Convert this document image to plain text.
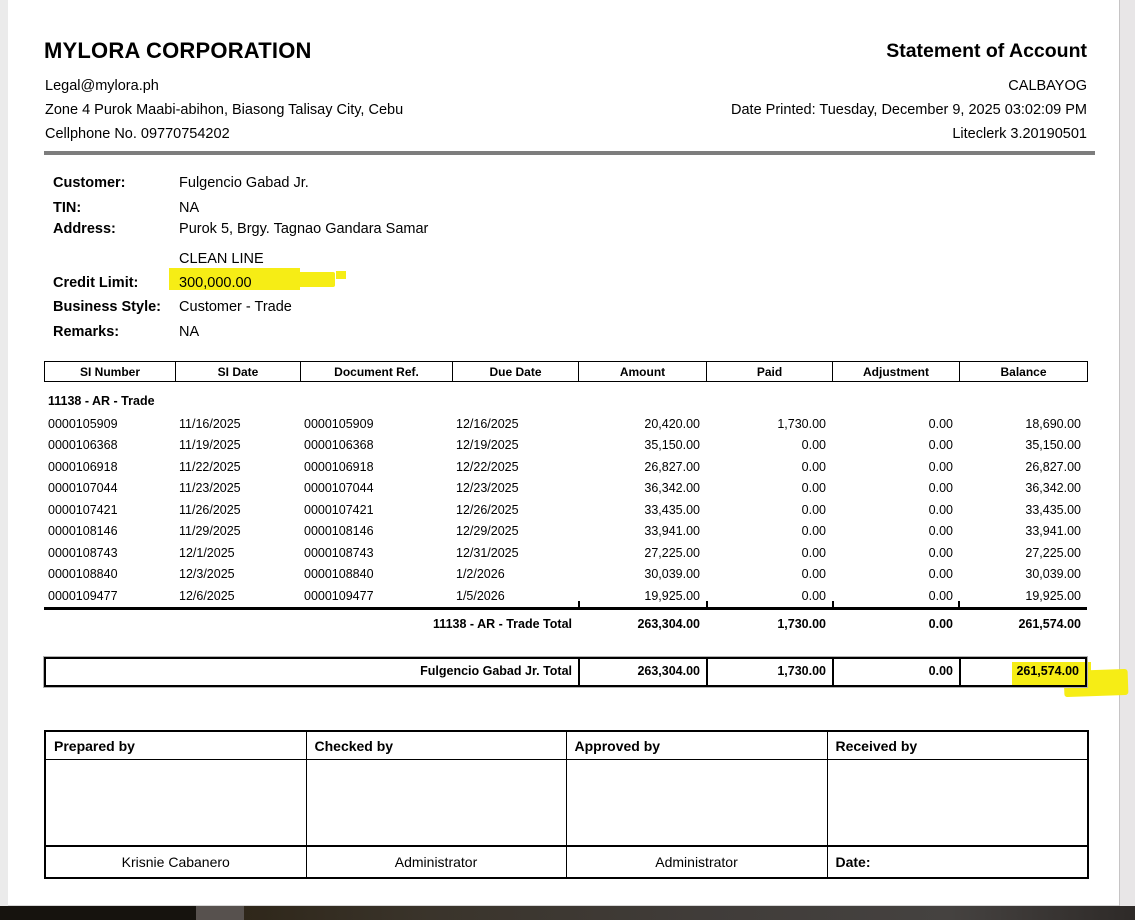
MYLORA CORPORATION
Legal@mylora.ph
Zone 4 Purok Maabi-abihon, Biasong Talisay City, Cebu
Cellphone No. 09770754202
Statement of Account
CALBAYOG
Date Printed: Tuesday, December 9, 2025 03:02:09 PM
Liteclerk 3.20190501
Customer:	Fulgencio Gabad Jr.
TIN:	NA
Address:	Purok 5, Brgy. Tagnao Gandara Samar
CLEAN LINE
Credit Limit:	300,000.00
Business Style: Customer - Trade
Remarks:	NA
SI Number	SI Date	Document Ref.	Due Date	Amount	Paid	Adjustment	Balance
11138 - AR - Trade
0000105909	11/16/2025	0000105909	12/16/2025	20,420.00	1,730.00	0.00	18,690.00
0000106368	11/19/2025	0000106368	12/19/2025	35,150.00	0.00	0.00	35,150.00
0000106918	11/22/2025	0000106918	12/22/2025	26,827.00	0.00	0.00	26,827.00
0000107044	11/23/2025	0000107044	12/23/2025	36,342.00	0.00	0.00	36,342.00
0000107421	11/26/2025	0000107421	12/26/2025	33,435.00	0.00	0.00	33,435.00
0000108146	11/29/2025	0000108146	12/29/2025	33,941.00	0.00	0.00	33,941.00
0000108743	12/1/2025	0000108743	12/31/2025	27,225.00	0.00	0.00	27,225.00
0000108840	12/3/2025	0000108840	1/2/2026	30,039.00	0.00	0.00	30,039.00
0000109477	12/6/2025	0000109477	1/5/2026	19,925.00	0.00	0.00	19,925.00
11138 - AR - Trade Total	263,304.00	1,730.00	0.00	261,574.00
Fulgencio Gabad Jr. Total	263,304.00	1,730.00	0.00	261,574.00
Prepared by	Checked by	Approved by	Received by

Krisnie Cabanero	Administrator	Administrator	Date:
